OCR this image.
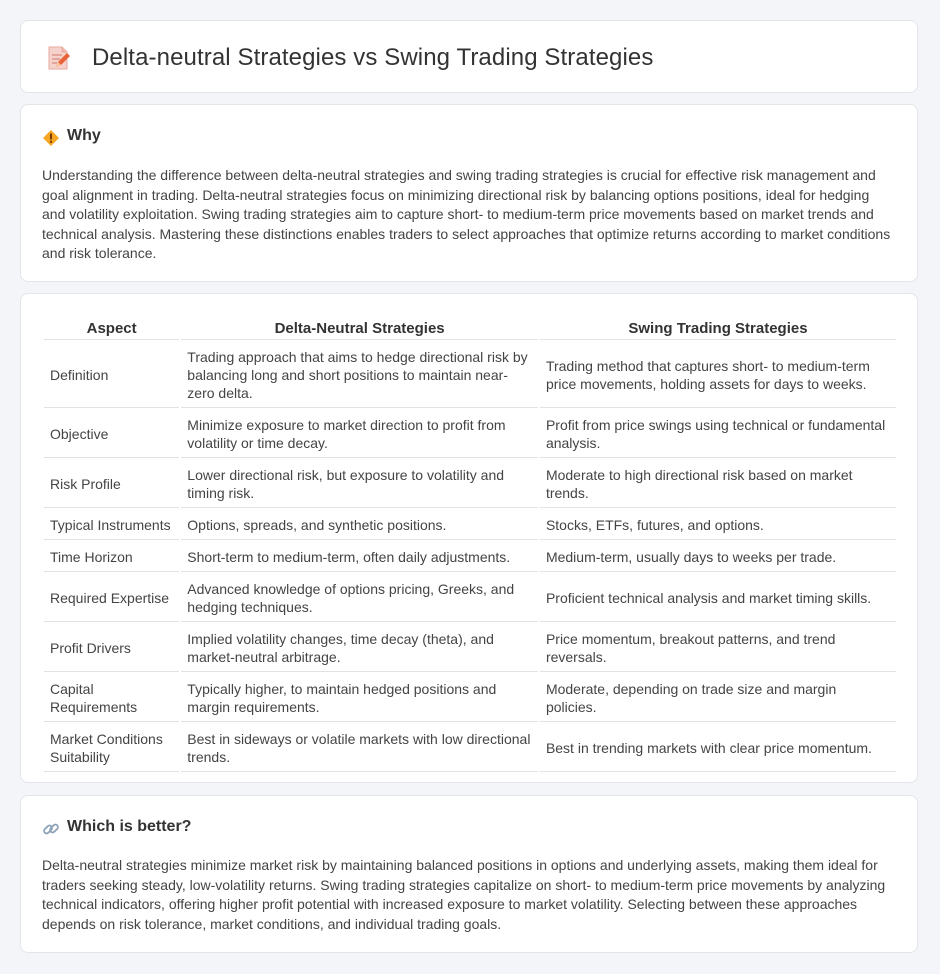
Delta-neutral Strategies vs Swing Trading Strategies
Why

Understanding the difference between delta-neutral strategies and swing trading strategies is crucial for effective risk management and goal alignment in trading. Delta-neutral strategies focus on minimizing directional risk by balancing options positions, ideal for hedging and volatility exploitation. Swing trading strategies aim to capture short- to medium-term price movements based on market trends and technical analysis. Mastering these distinctions enables traders to select approaches that optimize returns according to market conditions and risk tolerance.

Aspect	Delta-Neutral Strategies	Swing Trading Strategies
Definition	Trading approach that aims to hedge directional risk by balancing long and short positions to maintain near-zero delta.	Trading method that captures short- to medium-term price movements, holding assets for days to weeks.
Objective	Minimize exposure to market direction to profit from volatility or time decay.	Profit from price swings using technical or fundamental analysis.
Risk Profile	Lower directional risk, but exposure to volatility and timing risk.	Moderate to high directional risk based on market trends.
Typical Instruments	Options, spreads, and synthetic positions.	Stocks, ETFs, futures, and options.
Time Horizon	Short-term to medium-term, often daily adjustments.	Medium-term, usually days to weeks per trade.
Required Expertise	Advanced knowledge of options pricing, Greeks, and hedging techniques.	Proficient technical analysis and market timing skills.
Profit Drivers	Implied volatility changes, time decay (theta), and market-neutral arbitrage.	Price momentum, breakout patterns, and trend reversals.
Capital Requirements	Typically higher, to maintain hedged positions and margin requirements.	Moderate, depending on trade size and margin policies.
Market Conditions Suitability	Best in sideways or volatile markets with low directional trends.	Best in trending markets with clear price momentum.
Which is better?

Delta-neutral strategies minimize market risk by maintaining balanced positions in options and underlying assets, making them ideal for traders seeking steady, low-volatility returns. Swing trading strategies capitalize on short- to medium-term price movements by analyzing technical indicators, offering higher profit potential with increased exposure to market volatility. Selecting between these approaches depends on risk tolerance, market conditions, and individual trading goals.
